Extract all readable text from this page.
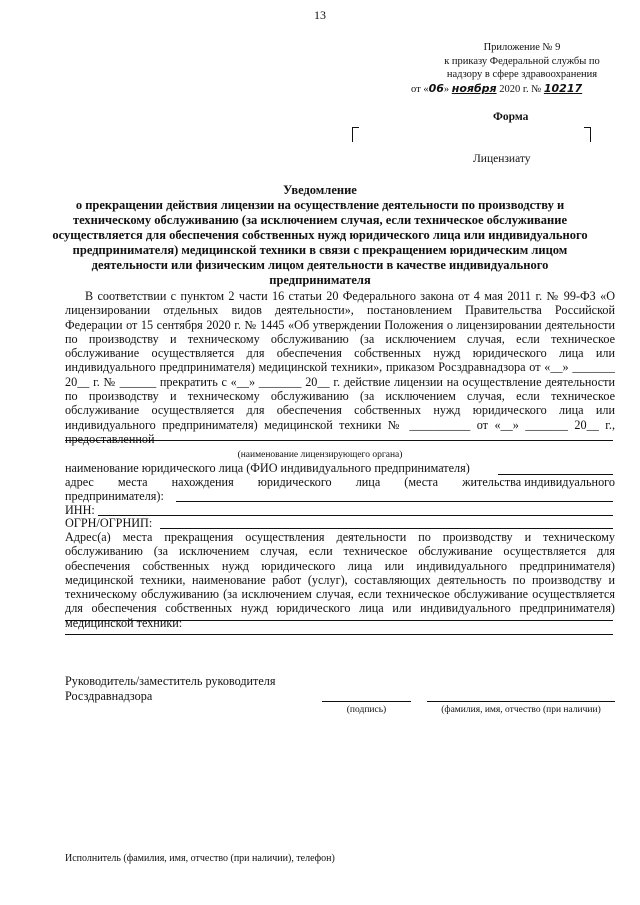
13
Приложение № 9
к приказу Федеральной службы по
надзору в сфере здравоохранения
от «06» ноября 2020 г. № 10217
Форма
Лицензиату
Уведомление
о прекращении действия лицензии на осуществление деятельности по производству и техническому обслуживанию (за исключением случая, если техническое обслуживание осуществляется для обеспечения собственных нужд юридического лица или индивидуального предпринимателя) медицинской техники в связи с прекращением юридическим лицом деятельности или физическим лицом деятельности в качестве индивидуального предпринимателя
В соответствии с пунктом 2 части 16 статьи 20 Федерального закона от 4 мая 2011 г. № 99-ФЗ «О лицензировании отдельных видов деятельности», постановлением Правительства Российской Федерации от 15 сентября 2020 г. № 1445 «Об утверждении Положения о лицензировании деятельности по производству и техническому обслуживанию (за исключением случая, если техническое обслуживание осуществляется для обеспечения собственных нужд юридического лица или индивидуального предпринимателя) медицинской техники», приказом Росздравнадзора от «__» _______ 20__ г. № ______ прекратить с «__» _______ 20__ г. действие лицензии на осуществление деятельности по производству и техническому обслуживанию (за исключением случая, если техническое обслуживание осуществляется для обеспечения собственных нужд юридического лица или индивидуального предпринимателя) медицинской техники № __________ от «__» _______ 20__ г., предоставленной
(наименование лицензирующего органа)
наименование юридического лица (ФИО индивидуального предпринимателя)
адрес места нахождения юридического лица (места жительства индивидуального
предпринимателя):
ИНН:
ОГРН/ОГРНИП:
Адрес(а) места прекращения осуществления деятельности по производству и техническому обслуживанию (за исключением случая, если техническое обслуживание осуществляется для обеспечения собственных нужд юридического лица или индивидуального предпринимателя) медицинской техники, наименование работ (услуг), составляющих деятельность по производству и техническому обслуживанию (за исключением случая, если техническое обслуживание осуществляется для обеспечения собственных нужд юридического лица или индивидуального предпринимателя) медицинской техники:
Руководитель/заместитель руководителя
Росздравнадзора
(подпись)	(фамилия, имя, отчество (при наличии)
Исполнитель (фамилия, имя, отчество (при наличии), телефон)
